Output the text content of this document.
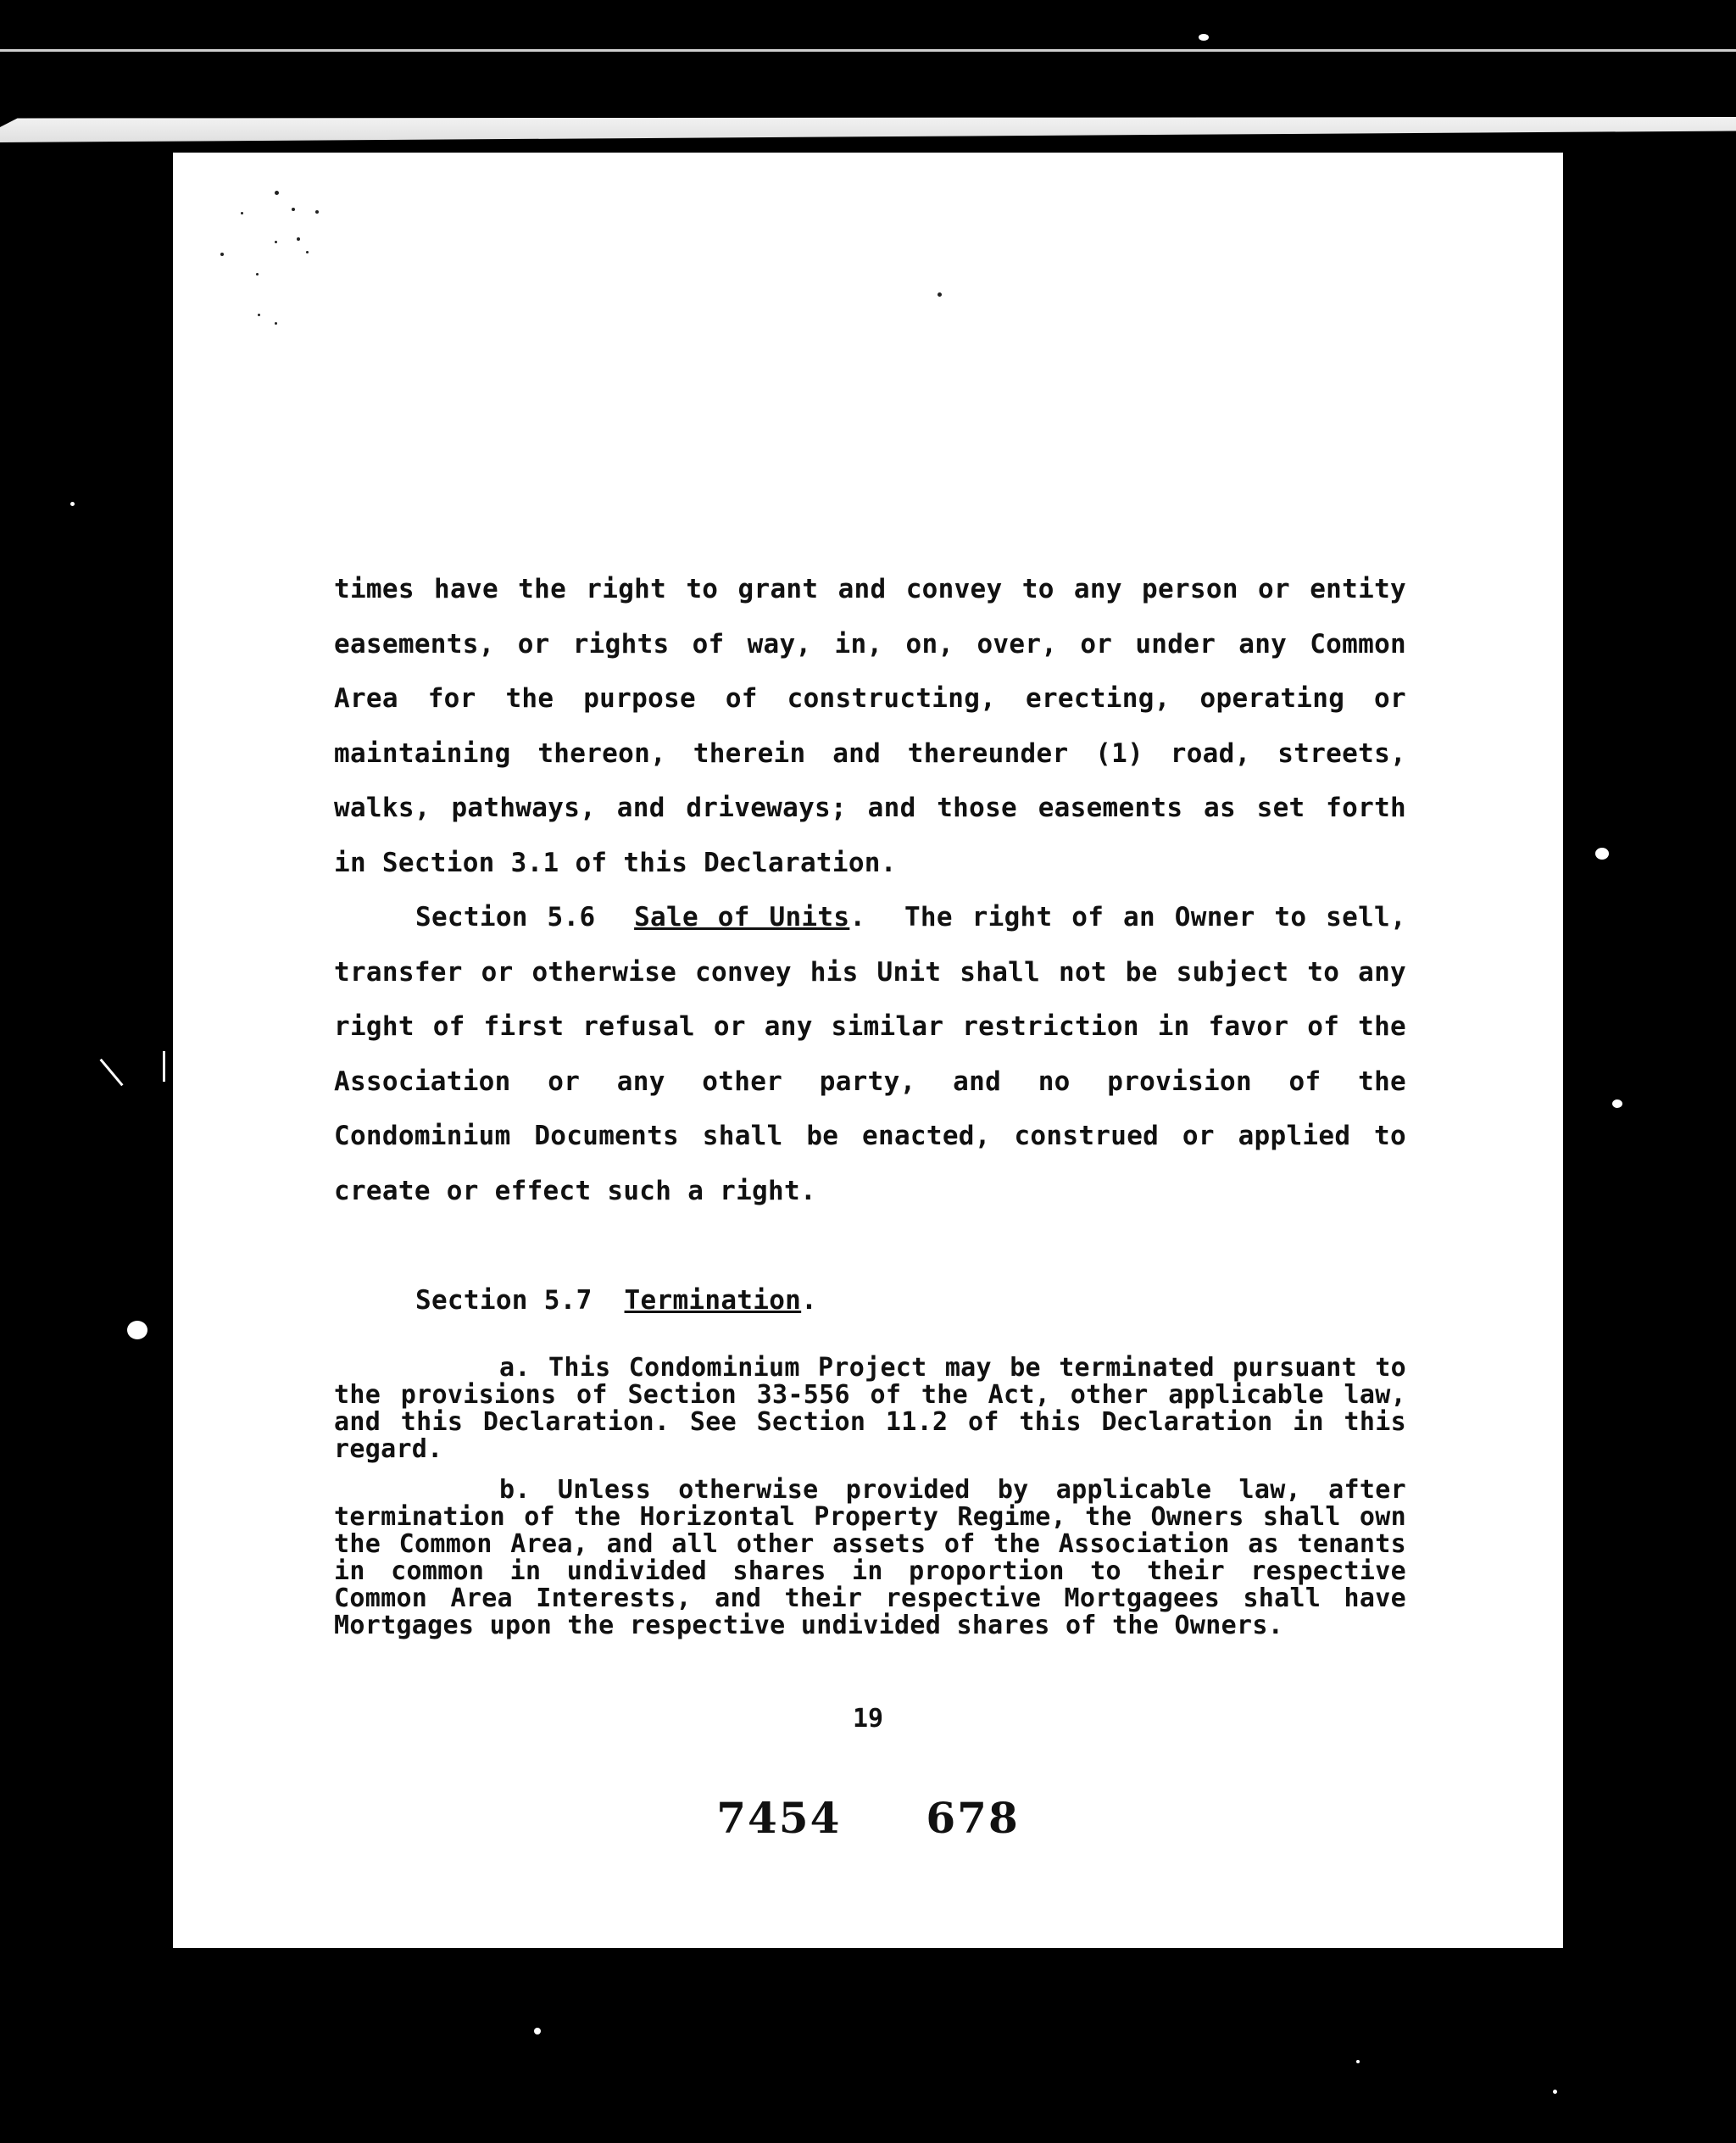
times have the right to grant and convey to any person or entity easements, or rights of way, in, on, over, or under any Common Area for the purpose of constructing, erecting, operating or maintaining thereon, therein and thereunder (1) road, streets, walks, pathways, and driveways; and those easements as set forth in Section 3.1 of this Declaration.

Section 5.6 Sale of Units. The right of an Owner to sell, transfer or otherwise convey his Unit shall not be subject to any right of first refusal or any similar restriction in favor of the Association or any other party, and no provision of the Condominium Documents shall be enacted, construed or applied to create or effect such a right.

Section 5.7 Termination.

a. This Condominium Project may be terminated pursuant to the provisions of Section 33-556 of the Act, other applicable law, and this Declaration. See Section 11.2 of this Declaration in this regard.

b. Unless otherwise provided by applicable law, after termination of the Horizontal Property Regime, the Owners shall own the Common Area, and all other assets of the Association as tenants in common in undivided shares in proportion to their respective Common Area Interests, and their respective Mortgagees shall have Mortgages upon the respective undivided shares of the Owners.

19
7454 678
